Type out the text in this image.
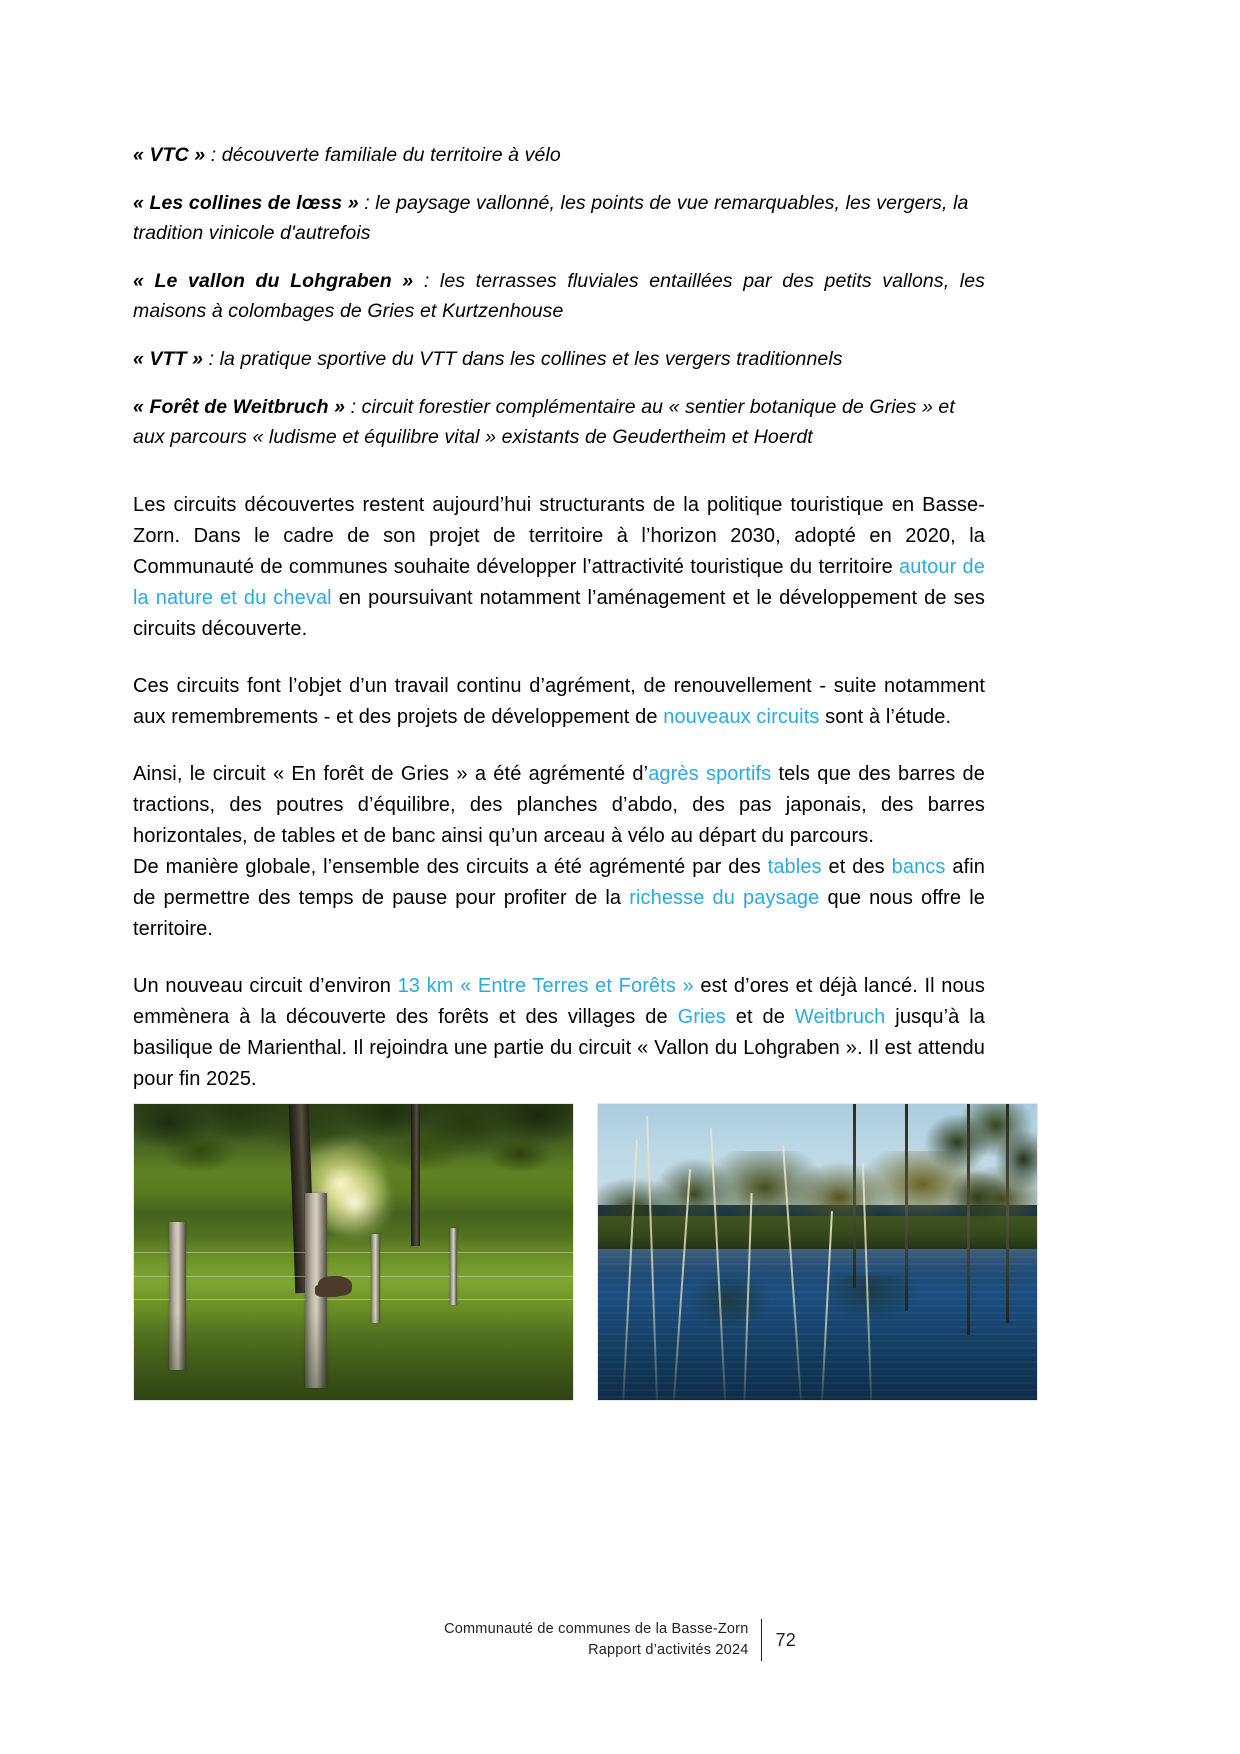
« VTC » : découverte familiale du territoire à vélo

« Les collines de lœss » : le paysage vallonné, les points de vue remarquables, les vergers, la tradition vinicole d'autrefois

« Le vallon du Lohgraben » : les terrasses fluviales entaillées par des petits vallons, les maisons à colombages de Gries et Kurtzenhouse

« VTT » : la pratique sportive du VTT dans les collines et les vergers traditionnels

« Forêt de Weitbruch » : circuit forestier complémentaire au « sentier botanique de Gries » et aux parcours « ludisme et équilibre vital » existants de Geudertheim et Hoerdt

Les circuits découvertes restent aujourd’hui structurants de la politique touristique en Basse-Zorn. Dans le cadre de son projet de territoire à l’horizon 2030, adopté en 2020, la Communauté de communes souhaite développer l’attractivité touristique du territoire autour de la nature et du cheval en poursuivant notamment l’aménagement et le développement de ses circuits découverte.

Ces circuits font l’objet d’un travail continu d’agrément, de renouvellement - suite notamment aux remembrements - et des projets de développement de nouveaux circuits sont à l’étude.

Ainsi, le circuit « En forêt de Gries » a été agrémenté d’agrès sportifs tels que des barres de tractions, des poutres d’équilibre, des planches d’abdo, des pas japonais, des barres horizontales, de tables et de banc ainsi qu’un arceau à vélo au départ du parcours.
De manière globale, l’ensemble des circuits a été agrémenté par des tables et des bancs afin de permettre des temps de pause pour profiter de la richesse du paysage que nous offre le territoire.

Un nouveau circuit d’environ 13 km « Entre Terres et Forêts » est d’ores et déjà lancé. Il nous emmènera à la découverte des forêts et des villages de Gries et de Weitbruch jusqu’à la basilique de Marienthal. Il rejoindra une partie du circuit « Vallon du Lohgraben ». Il est attendu pour fin 2025.

Communauté de communes de la Basse-Zorn
Rapport d’activités 2024
72
